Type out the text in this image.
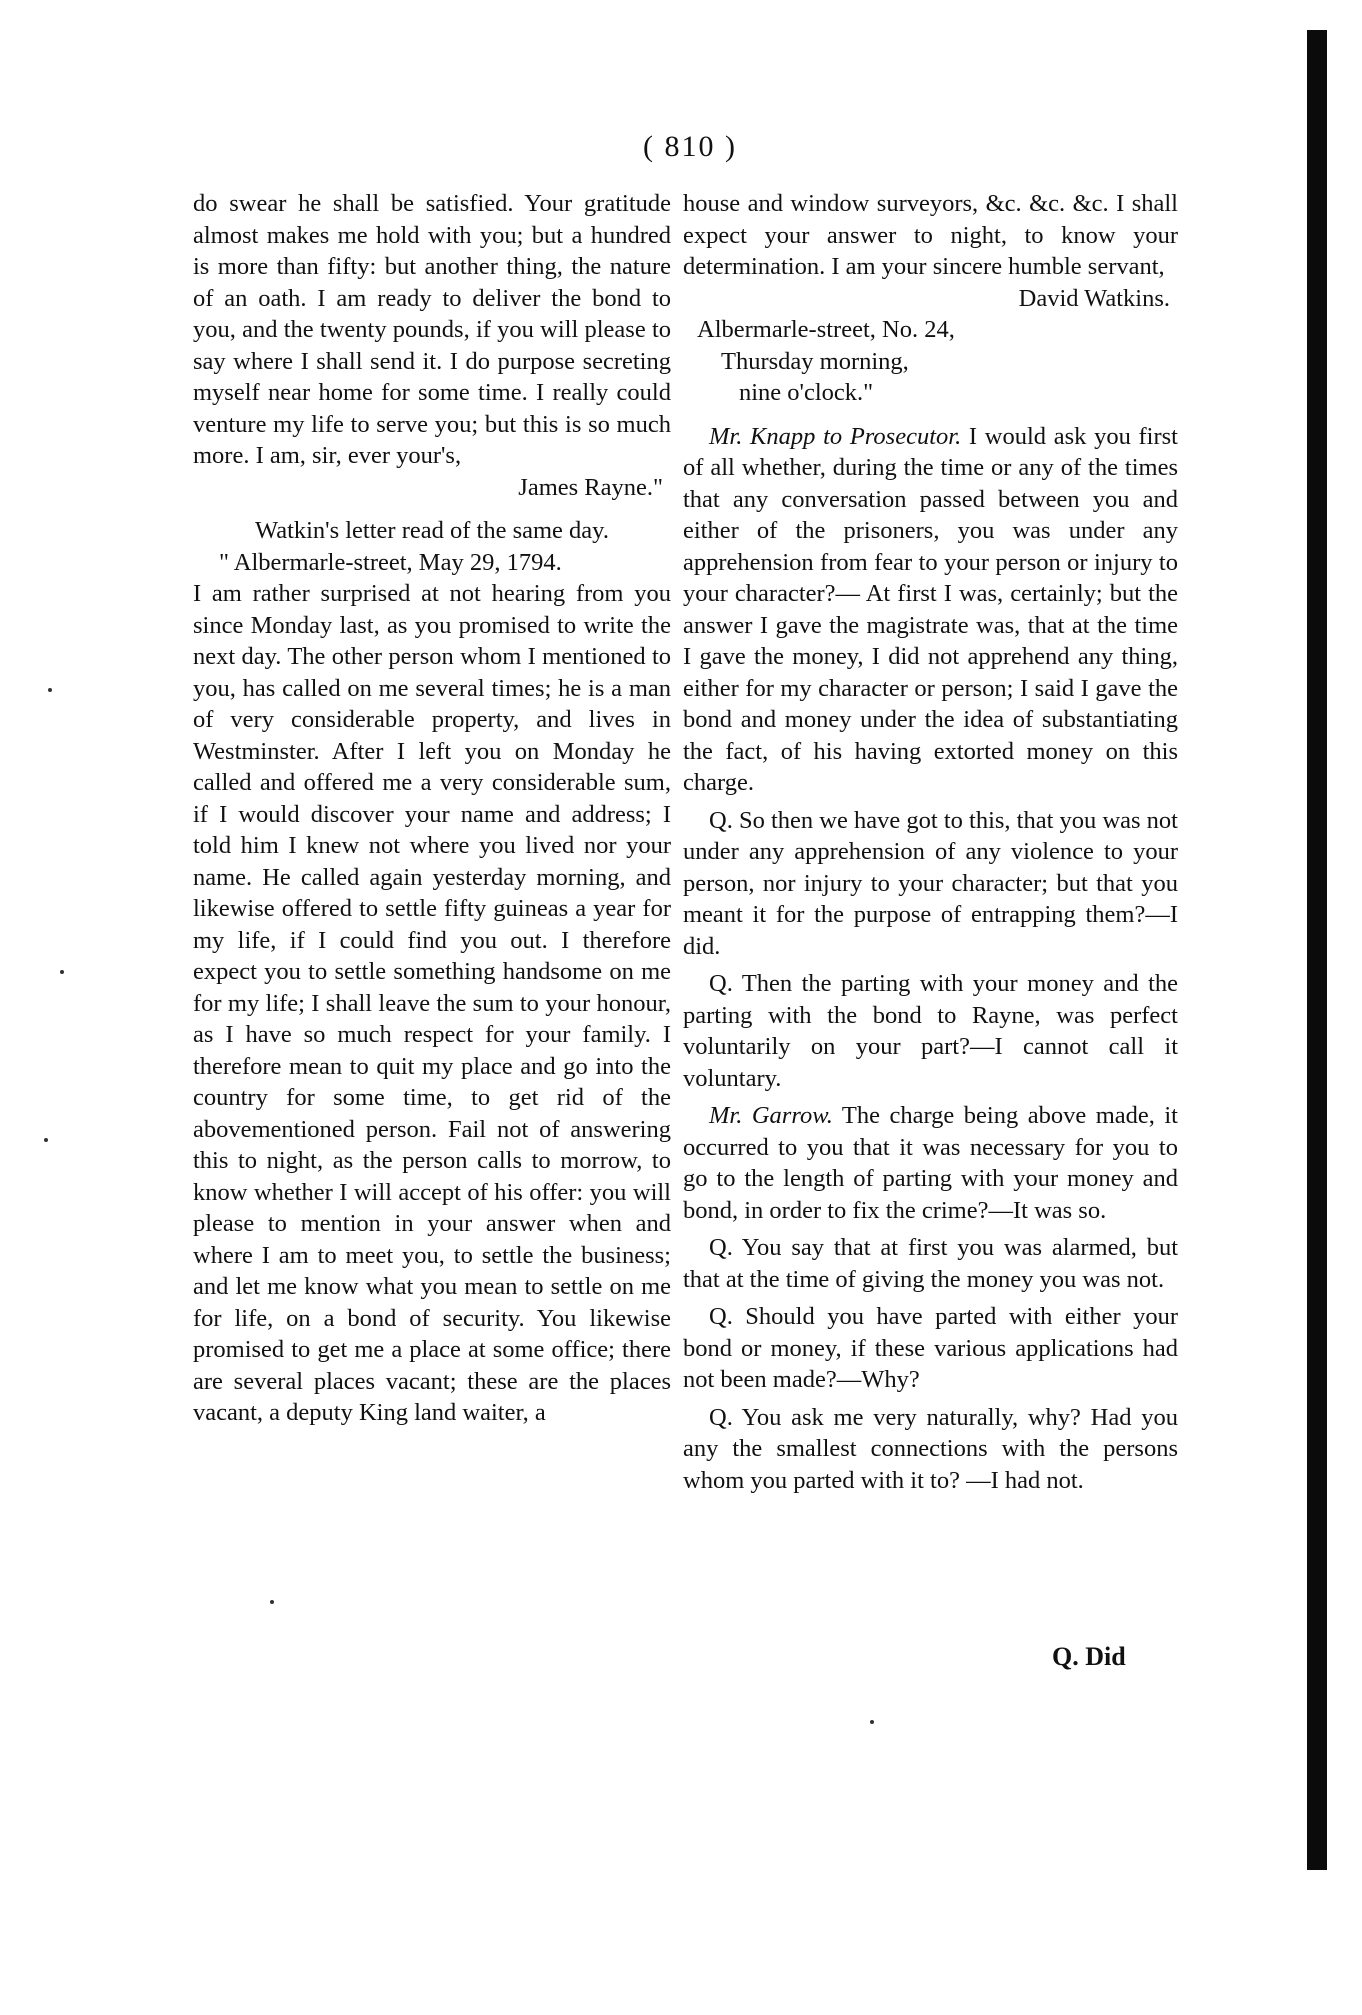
( 810 )

do swear he shall be satisfied. Your gratitude almost makes me hold with you; but a hundred is more than fifty: but another thing, the nature of an oath. I am ready to deliver the bond to you, and the twenty pounds, if you will please to say where I shall send it. I do purpose secreting myself near home for some time. I really could venture my life to serve you; but this is so much more. I am, sir, ever your's,

James Rayne."

Watkin's letter read of the same day.

" Albermarle-street, May 29, 1794.

I am rather surprised at not hearing from you since Monday last, as you promised to write the next day. The other person whom I mentioned to you, has called on me several times; he is a man of very considerable property, and lives in Westminster. After I left you on Monday he called and offered me a very considerable sum, if I would discover your name and address; I told him I knew not where you lived nor your name. He called again yesterday morning, and likewise offered to settle fifty guineas a year for my life, if I could find you out. I therefore expect you to settle something handsome on me for my life; I shall leave the sum to your honour, as I have so much respect for your family. I therefore mean to quit my place and go into the country for some time, to get rid of the abovementioned person. Fail not of answering this to night, as the person calls to morrow, to know whether I will accept of his offer: you will please to mention in your answer when and where I am to meet you, to settle the business; and let me know what you mean to settle on me for life, on a bond of security. You likewise promised to get me a place at some office; there are several places vacant; these are the places vacant, a deputy King land waiter, a

house and window surveyors, &c. &c. &c. I shall expect your answer to night, to know your determination. I am your sincere humble servant,

David Watkins.

Albermarle-street, No. 24,

Thursday morning,

nine o'clock."

Mr. Knapp to Prosecutor. I would ask you first of all whether, during the time or any of the times that any conversation passed between you and either of the prisoners, you was under any apprehension from fear to your person or injury to your character?— At first I was, certainly; but the answer I gave the magistrate was, that at the time I gave the money, I did not apprehend any thing, either for my character or person; I said I gave the bond and money under the idea of substantiating the fact, of his having extorted money on this charge.

Q. So then we have got to this, that you was not under any apprehension of any violence to your person, nor injury to your character; but that you meant it for the purpose of entrapping them?—I did.

Q. Then the parting with your money and the parting with the bond to Rayne, was perfect voluntarily on your part?—I cannot call it voluntary.

Mr. Garrow. The charge being above made, it occurred to you that it was necessary for you to go to the length of parting with your money and bond, in order to fix the crime?—It was so.

Q. You say that at first you was alarmed, but that at the time of giving the money you was not.

Q. Should you have parted with either your bond or money, if these various applications had not been made?—Why?

Q. You ask me very naturally, why? Had you any the smallest connections with the persons whom you parted with it to? —I had not.

Q. Did
